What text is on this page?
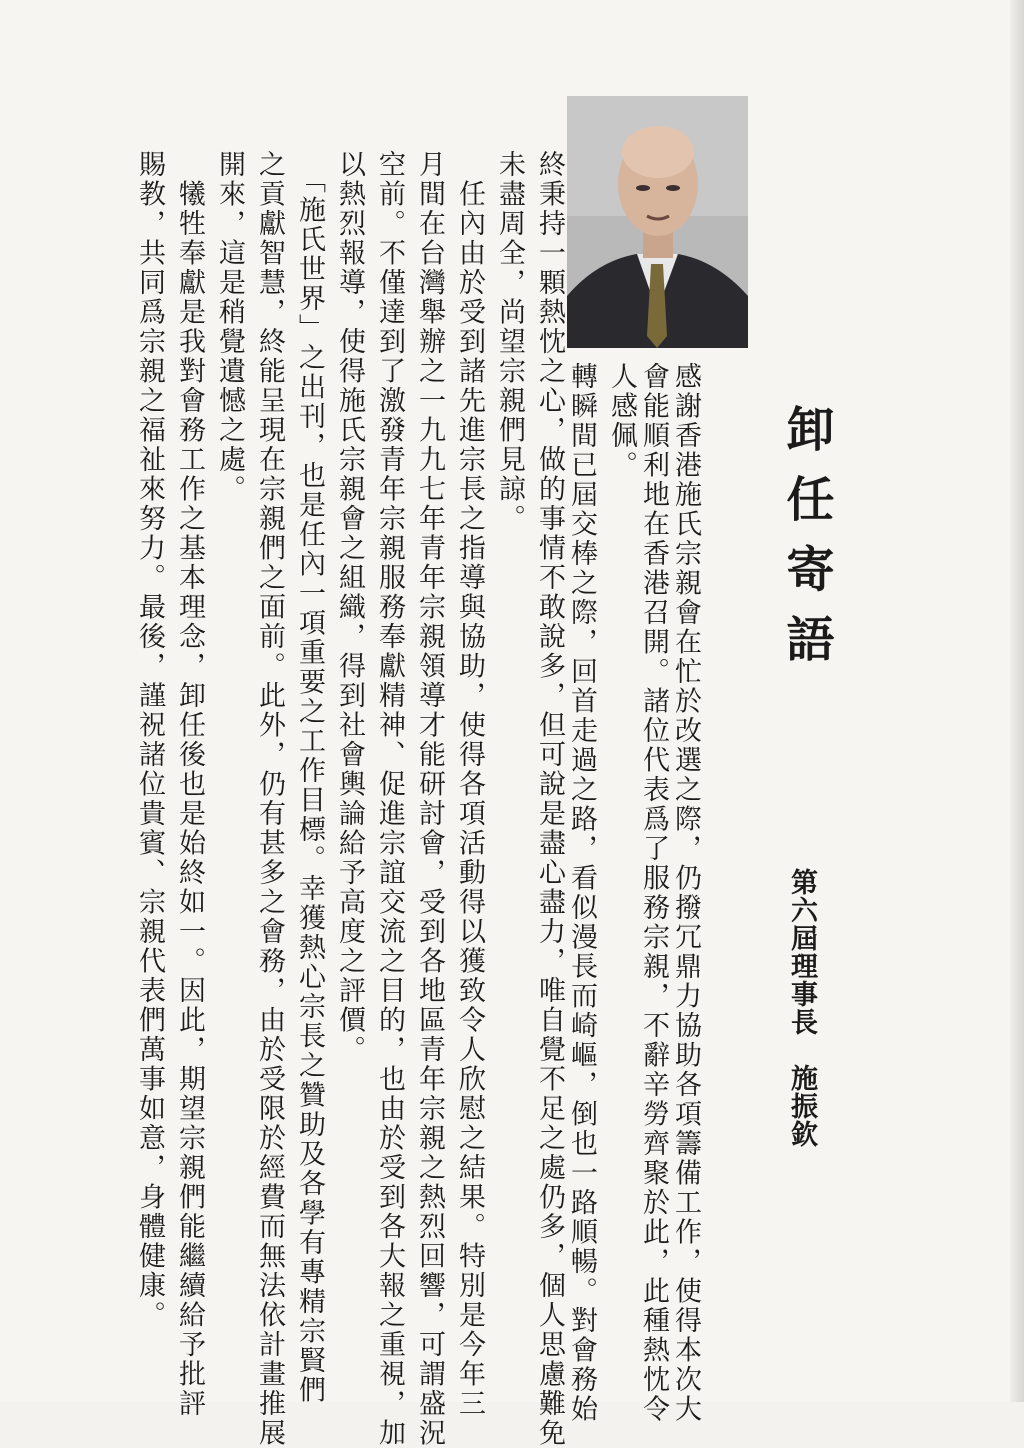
卸任寄語
第六屆理事長　施振欽
感謝香港施氏宗親會在忙於改選之際，仍撥冗鼎力協助各項籌備工作，使得本次大
會能順利地在香港召開。諸位代表爲了服務宗親，不辭辛勞齊聚於此，此種熱忱令
人感佩。
轉瞬間已屆交棒之際，回首走過之路，看似漫長而崎嶇，倒也一路順暢。對會務始
終秉持一顆熱忱之心，做的事情不敢說多，但可說是盡心盡力，唯自覺不足之處仍多，個人思慮難免
未盡周全，尚望宗親們見諒。
　任內由於受到諸先進宗長之指導與協助，使得各項活動得以獲致令人欣慰之結果。特別是今年三
月間在台灣舉辦之一九九七年青年宗親領導才能研討會，受到各地區青年宗親之熱烈回響，可謂盛況
空前。不僅達到了激發青年宗親服務奉獻精神、促進宗誼交流之目的，也由於受到各大報之重視，加
以熱烈報導，使得施氏宗親會之組織，得到社會輿論給予高度之評價。
　「施氏世界」之出刊，也是任內一項重要之工作目標。幸獲熱心宗長之贊助及各學有專精宗賢們
之貢獻智慧，終能呈現在宗親們之面前。此外，仍有甚多之會務，由於受限於經費而無法依計畫推展
開來，這是稍覺遺憾之處。
　犧牲奉獻是我對會務工作之基本理念，卸任後也是始終如一。因此，期望宗親們能繼續給予批評
賜教，共同爲宗親之福祉來努力。最後，謹祝諸位貴賓、宗親代表們萬事如意，身體健康。
